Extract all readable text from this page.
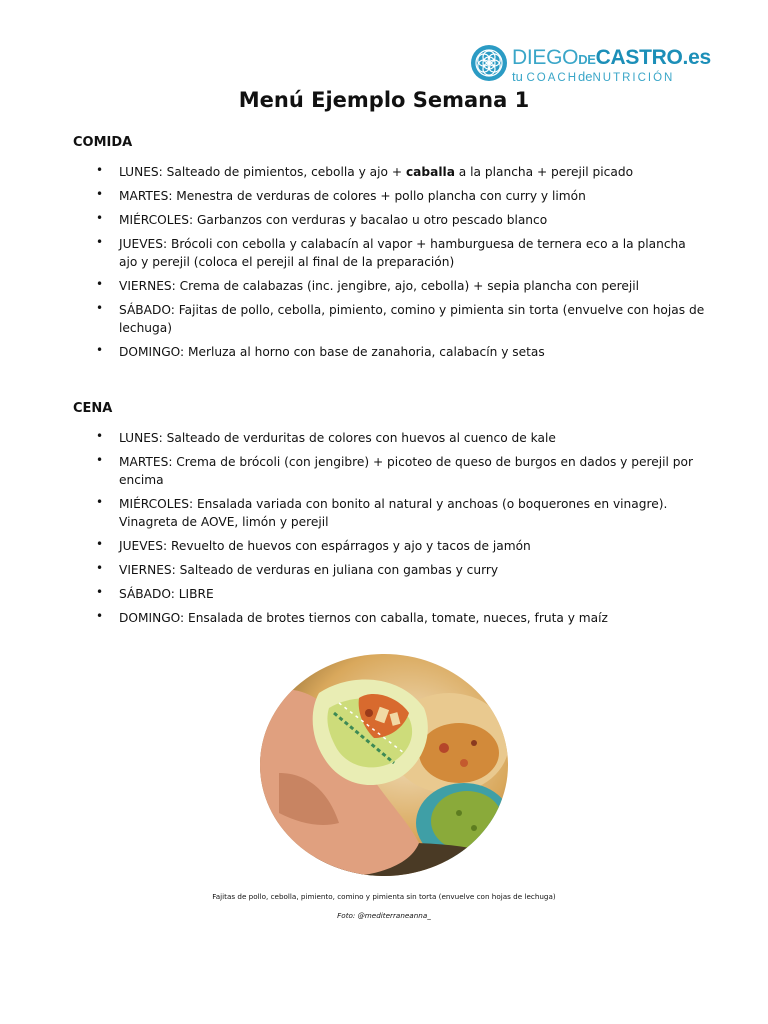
DIEGODECASTRO.es
tu COACHdeNUTRICIÓN
Menú Ejemplo Semana 1
COMIDA
• LUNES: Salteado de pimientos, cebolla y ajo + caballa a la plancha + perejil picado
• MARTES: Menestra de verduras de colores + pollo plancha con curry y limón
• MIÉRCOLES: Garbanzos con verduras y bacalao u otro pescado blanco
• JUEVES: Brócoli con cebolla y calabacín al vapor + hamburguesa de ternera eco a la plancha ajo y perejil (coloca el perejil al final de la preparación)
• VIERNES: Crema de calabazas (inc. jengibre, ajo, cebolla) + sepia plancha con perejil
• SÁBADO: Fajitas de pollo, cebolla, pimiento, comino y pimienta sin torta (envuelve con hojas de lechuga)
• DOMINGO: Merluza al horno con base de zanahoria, calabacín y setas
CENA
• LUNES: Salteado de verduritas de colores con huevos al cuenco de kale
• MARTES: Crema de brócoli (con jengibre) + picoteo de queso de burgos en dados y perejil por encima
• MIÉRCOLES: Ensalada variada con bonito al natural y anchoas (o boquerones en vinagre). Vinagreta de AOVE, limón y perejil
• JUEVES: Revuelto de huevos con espárragos y ajo y tacos de jamón
• VIERNES: Salteado de verduras en juliana con gambas y curry
• SÁBADO: LIBRE
• DOMINGO: Ensalada de brotes tiernos con caballa, tomate, nueces, fruta y maíz

Fajitas de pollo, cebolla, pimiento, comino y pimienta sin torta (envuelve con hojas de lechuga)

Foto: @mediterraneanna_
